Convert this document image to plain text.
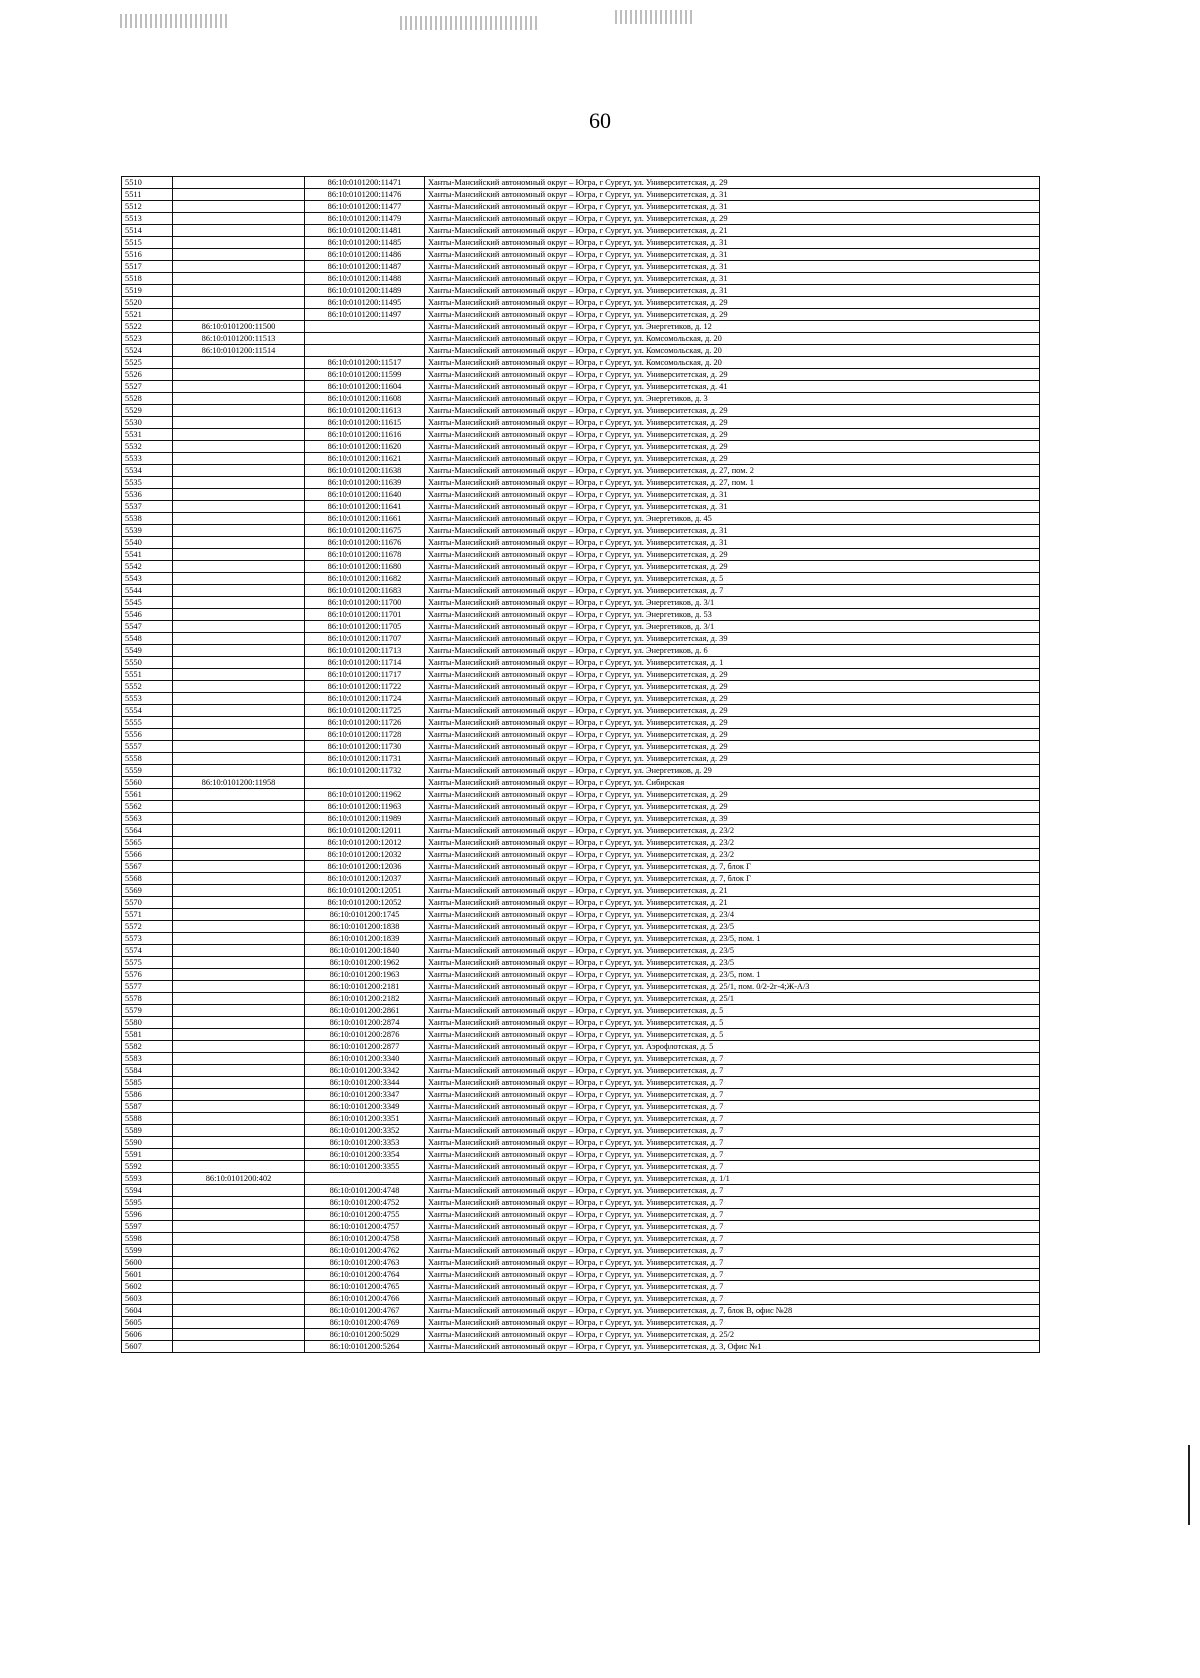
60
5510		86:10:0101200:11471	Ханты-Мансийский автономный округ – Югра, г Сургут, ул. Университетская, д. 29
5511		86:10:0101200:11476	Ханты-Мансийский автономный округ – Югра, г Сургут, ул. Университетская, д. 31
5512		86:10:0101200:11477	Ханты-Мансийский автономный округ – Югра, г Сургут, ул. Университетская, д. 31
5513		86:10:0101200:11479	Ханты-Мансийский автономный округ – Югра, г Сургут, ул. Университетская, д. 29
5514		86:10:0101200:11481	Ханты-Мансийский автономный округ – Югра, г Сургут, ул. Университетская, д. 21
5515		86:10:0101200:11485	Ханты-Мансийский автономный округ – Югра, г Сургут, ул. Университетская, д. 31
5516		86:10:0101200:11486	Ханты-Мансийский автономный округ – Югра, г Сургут, ул. Университетская, д. 31
5517		86:10:0101200:11487	Ханты-Мансийский автономный округ – Югра, г Сургут, ул. Университетская, д. 31
5518		86:10:0101200:11488	Ханты-Мансийский автономный округ – Югра, г Сургут, ул. Университетская, д. 31
5519		86:10:0101200:11489	Ханты-Мансийский автономный округ – Югра, г Сургут, ул. Университетская, д. 31
5520		86:10:0101200:11495	Ханты-Мансийский автономный округ – Югра, г Сургут, ул. Университетская, д. 29
5521		86:10:0101200:11497	Ханты-Мансийский автономный округ – Югра, г Сургут, ул. Университетская, д. 29
5522	86:10:0101200:11500		Ханты-Мансийский автономный округ – Югра, г Сургут, ул. Энергетиков, д. 12
5523	86:10:0101200:11513		Ханты-Мансийский автономный округ – Югра, г Сургут, ул. Комсомольская, д. 20
5524	86:10:0101200:11514		Ханты-Мансийский автономный округ – Югра, г Сургут, ул. Комсомольская, д. 20
5525		86:10:0101200:11517	Ханты-Мансийский автономный округ – Югра, г Сургут, ул. Комсомольская, д. 20
5526		86:10:0101200:11599	Ханты-Мансийский автономный округ – Югра, г Сургут, ул. Университетская, д. 29
5527		86:10:0101200:11604	Ханты-Мансийский автономный округ – Югра, г Сургут, ул. Университетская, д. 41
5528		86:10:0101200:11608	Ханты-Мансийский автономный округ – Югра, г Сургут, ул. Энергетиков, д. 3
5529		86:10:0101200:11613	Ханты-Мансийский автономный округ – Югра, г Сургут, ул. Университетская, д. 29
5530		86:10:0101200:11615	Ханты-Мансийский автономный округ – Югра, г Сургут, ул. Университетская, д. 29
5531		86:10:0101200:11616	Ханты-Мансийский автономный округ – Югра, г Сургут, ул. Университетская, д. 29
5532		86:10:0101200:11620	Ханты-Мансийский автономный округ – Югра, г Сургут, ул. Университетская, д. 29
5533		86:10:0101200:11621	Ханты-Мансийский автономный округ – Югра, г Сургут, ул. Университетская, д. 29
5534		86:10:0101200:11638	Ханты-Мансийский автономный округ – Югра, г Сургут, ул. Университетская, д. 27, пом. 2
5535		86:10:0101200:11639	Ханты-Мансийский автономный округ – Югра, г Сургут, ул. Университетская, д. 27, пом. 1
5536		86:10:0101200:11640	Ханты-Мансийский автономный округ – Югра, г Сургут, ул. Университетская, д. 31
5537		86:10:0101200:11641	Ханты-Мансийский автономный округ – Югра, г Сургут, ул. Университетская, д. 31
5538		86:10:0101200:11661	Ханты-Мансийский автономный округ – Югра, г Сургут, ул. Энергетиков, д. 45
5539		86:10:0101200:11675	Ханты-Мансийский автономный округ – Югра, г Сургут, ул. Университетская, д. 31
5540		86:10:0101200:11676	Ханты-Мансийский автономный округ – Югра, г Сургут, ул. Университетская, д. 31
5541		86:10:0101200:11678	Ханты-Мансийский автономный округ – Югра, г Сургут, ул. Университетская, д. 29
5542		86:10:0101200:11680	Ханты-Мансийский автономный округ – Югра, г Сургут, ул. Университетская, д. 29
5543		86:10:0101200:11682	Ханты-Мансийский автономный округ – Югра, г Сургут, ул. Университетская, д. 5
5544		86:10:0101200:11683	Ханты-Мансийский автономный округ – Югра, г Сургут, ул. Университетская, д. 7
5545		86:10:0101200:11700	Ханты-Мансийский автономный округ – Югра, г Сургут, ул. Энергетиков, д. 3/1
5546		86:10:0101200:11701	Ханты-Мансийский автономный округ – Югра, г Сургут, ул. Энергетиков, д. 53
5547		86:10:0101200:11705	Ханты-Мансийский автономный округ – Югра, г Сургут, ул. Энергетиков, д. 3/1
5548		86:10:0101200:11707	Ханты-Мансийский автономный округ – Югра, г Сургут, ул. Университетская, д. 39
5549		86:10:0101200:11713	Ханты-Мансийский автономный округ – Югра, г Сургут, ул. Энергетиков, д. 6
5550		86:10:0101200:11714	Ханты-Мансийский автономный округ – Югра, г Сургут, ул. Университетская, д. 1
5551		86:10:0101200:11717	Ханты-Мансийский автономный округ – Югра, г Сургут, ул. Университетская, д. 29
5552		86:10:0101200:11722	Ханты-Мансийский автономный округ – Югра, г Сургут, ул. Университетская, д. 29
5553		86:10:0101200:11724	Ханты-Мансийский автономный округ – Югра, г Сургут, ул. Университетская, д. 29
5554		86:10:0101200:11725	Ханты-Мансийский автономный округ – Югра, г Сургут, ул. Университетская, д. 29
5555		86:10:0101200:11726	Ханты-Мансийский автономный округ – Югра, г Сургут, ул. Университетская, д. 29
5556		86:10:0101200:11728	Ханты-Мансийский автономный округ – Югра, г Сургут, ул. Университетская, д. 29
5557		86:10:0101200:11730	Ханты-Мансийский автономный округ – Югра, г Сургут, ул. Университетская, д. 29
5558		86:10:0101200:11731	Ханты-Мансийский автономный округ – Югра, г Сургут, ул. Университетская, д. 29
5559		86:10:0101200:11732	Ханты-Мансийский автономный округ – Югра, г Сургут, ул. Энергетиков, д. 29
5560	86:10:0101200:11958		Ханты-Мансийский автономный округ – Югра, г Сургут, ул. Сибирская
5561		86:10:0101200:11962	Ханты-Мансийский автономный округ – Югра, г Сургут, ул. Университетская, д. 29
5562		86:10:0101200:11963	Ханты-Мансийский автономный округ – Югра, г Сургут, ул. Университетская, д. 29
5563		86:10:0101200:11989	Ханты-Мансийский автономный округ – Югра, г Сургут, ул. Университетская, д. 39
5564		86:10:0101200:12011	Ханты-Мансийский автономный округ – Югра, г Сургут, ул. Университетская, д. 23/2
5565		86:10:0101200:12012	Ханты-Мансийский автономный округ – Югра, г Сургут, ул. Университетская, д. 23/2
5566		86:10:0101200:12032	Ханты-Мансийский автономный округ – Югра, г Сургут, ул. Университетская, д. 23/2
5567		86:10:0101200:12036	Ханты-Мансийский автономный округ – Югра, г Сургут, ул. Университетская, д. 7, блок Г
5568		86:10:0101200:12037	Ханты-Мансийский автономный округ – Югра, г Сургут, ул. Университетская, д. 7, блок Г
5569		86:10:0101200:12051	Ханты-Мансийский автономный округ – Югра, г Сургут, ул. Университетская, д. 21
5570		86:10:0101200:12052	Ханты-Мансийский автономный округ – Югра, г Сургут, ул. Университетская, д. 21
5571		86:10:0101200:1745	Ханты-Мансийский автономный округ – Югра, г Сургут, ул. Университетская, д. 23/4
5572		86:10:0101200:1838	Ханты-Мансийский автономный округ – Югра, г Сургут, ул. Университетская, д. 23/5
5573		86:10:0101200:1839	Ханты-Мансийский автономный округ – Югра, г Сургут, ул. Университетская, д. 23/5, пом. 1
5574		86:10:0101200:1840	Ханты-Мансийский автономный округ – Югра, г Сургут, ул. Университетская, д. 23/5
5575		86:10:0101200:1962	Ханты-Мансийский автономный округ – Югра, г Сургут, ул. Университетская, д. 23/5
5576		86:10:0101200:1963	Ханты-Мансийский автономный округ – Югра, г Сургут, ул. Университетская, д. 23/5, пом. 1
5577		86:10:0101200:2181	Ханты-Мансийский автономный округ – Югра, г Сургут, ул. Университетская, д. 25/1, пом. 0/2-2г-4;Ж-А/3
5578		86:10:0101200:2182	Ханты-Мансийский автономный округ – Югра, г Сургут, ул. Университетская, д. 25/1
5579		86:10:0101200:2861	Ханты-Мансийский автономный округ – Югра, г Сургут, ул. Университетская, д. 5
5580		86:10:0101200:2874	Ханты-Мансийский автономный округ – Югра, г Сургут, ул. Университетская, д. 5
5581		86:10:0101200:2876	Ханты-Мансийский автономный округ – Югра, г Сургут, ул. Университетская, д. 5
5582		86:10:0101200:2877	Ханты-Мансийский автономный округ – Югра, г Сургут, ул. Аэрофлотская, д. 5
5583		86:10:0101200:3340	Ханты-Мансийский автономный округ – Югра, г Сургут, ул. Университетская, д. 7
5584		86:10:0101200:3342	Ханты-Мансийский автономный округ – Югра, г Сургут, ул. Университетская, д. 7
5585		86:10:0101200:3344	Ханты-Мансийский автономный округ – Югра, г Сургут, ул. Университетская, д. 7
5586		86:10:0101200:3347	Ханты-Мансийский автономный округ – Югра, г Сургут, ул. Университетская, д. 7
5587		86:10:0101200:3349	Ханты-Мансийский автономный округ – Югра, г Сургут, ул. Университетская, д. 7
5588		86:10:0101200:3351	Ханты-Мансийский автономный округ – Югра, г Сургут, ул. Университетская, д. 7
5589		86:10:0101200:3352	Ханты-Мансийский автономный округ – Югра, г Сургут, ул. Университетская, д. 7
5590		86:10:0101200:3353	Ханты-Мансийский автономный округ – Югра, г Сургут, ул. Университетская, д. 7
5591		86:10:0101200:3354	Ханты-Мансийский автономный округ – Югра, г Сургут, ул. Университетская, д. 7
5592		86:10:0101200:3355	Ханты-Мансийский автономный округ – Югра, г Сургут, ул. Университетская, д. 7
5593	86:10:0101200:402		Ханты-Мансийский автономный округ – Югра, г Сургут, ул. Университетская, д. 1/1
5594		86:10:0101200:4748	Ханты-Мансийский автономный округ – Югра, г Сургут, ул. Университетская, д. 7
5595		86:10:0101200:4752	Ханты-Мансийский автономный округ – Югра, г Сургут, ул. Университетская, д. 7
5596		86:10:0101200:4755	Ханты-Мансийский автономный округ – Югра, г Сургут, ул. Университетская, д. 7
5597		86:10:0101200:4757	Ханты-Мансийский автономный округ – Югра, г Сургут, ул. Университетская, д. 7
5598		86:10:0101200:4758	Ханты-Мансийский автономный округ – Югра, г Сургут, ул. Университетская, д. 7
5599		86:10:0101200:4762	Ханты-Мансийский автономный округ – Югра, г Сургут, ул. Университетская, д. 7
5600		86:10:0101200:4763	Ханты-Мансийский автономный округ – Югра, г Сургут, ул. Университетская, д. 7
5601		86:10:0101200:4764	Ханты-Мансийский автономный округ – Югра, г Сургут, ул. Университетская, д. 7
5602		86:10:0101200:4765	Ханты-Мансийский автономный округ – Югра, г Сургут, ул. Университетская, д. 7
5603		86:10:0101200:4766	Ханты-Мансийский автономный округ – Югра, г Сургут, ул. Университетская, д. 7
5604		86:10:0101200:4767	Ханты-Мансийский автономный округ – Югра, г Сургут, ул. Университетская, д. 7, блок В, офис №28
5605		86:10:0101200:4769	Ханты-Мансийский автономный округ – Югра, г Сургут, ул. Университетская, д. 7
5606		86:10:0101200:5029	Ханты-Мансийский автономный округ – Югра, г Сургут, ул. Университетская, д. 25/2
5607		86:10:0101200:5264	Ханты-Мансийский автономный округ – Югра, г Сургут, ул. Университетская, д. 3, Офис №1
